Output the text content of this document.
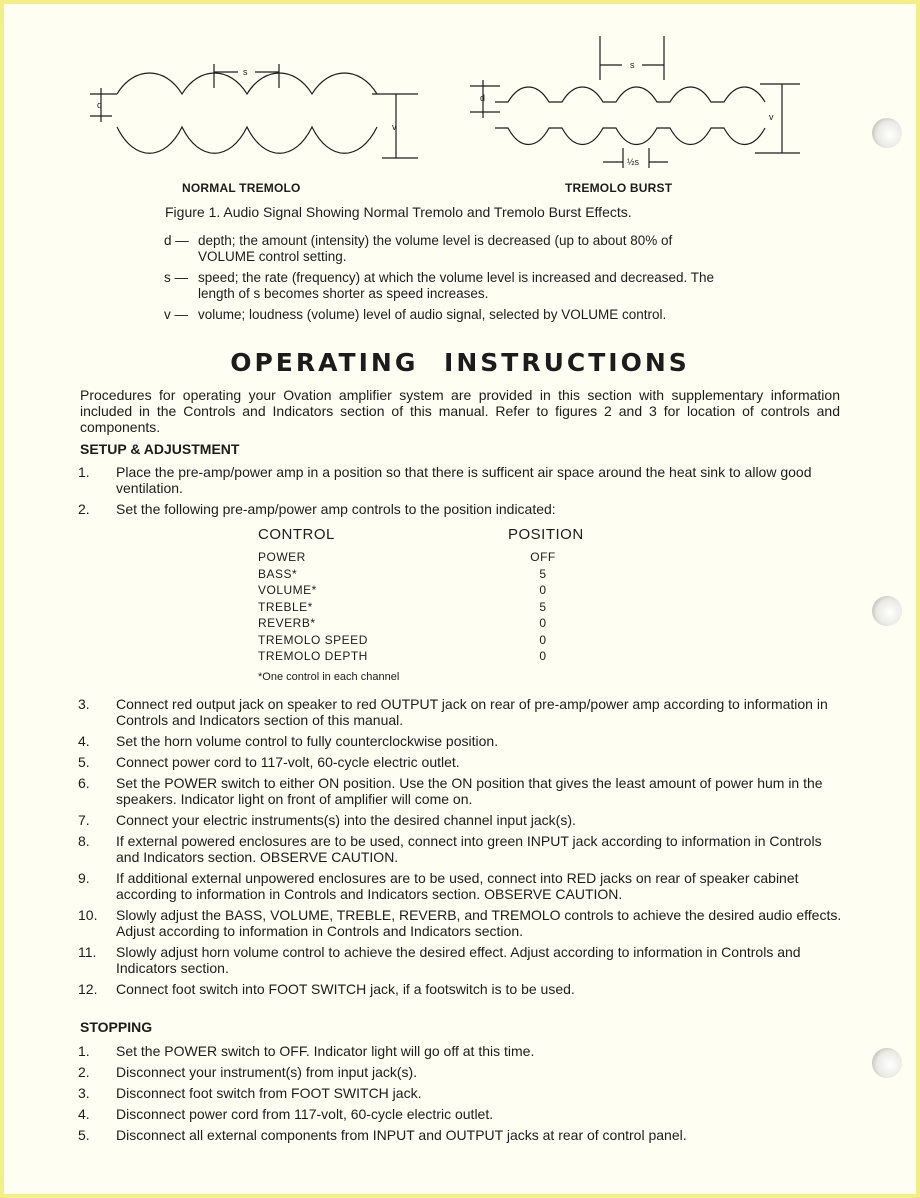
s
d
v
s
d
v
½s
NORMAL TREMOLO	TREMOLO BURST
Figure 1. Audio Signal Showing Normal Tremolo and Tremolo Burst Effects.
d — depth; the amount (intensity) the volume level is decreased (up to about 80% of VOLUME control setting.
s — speed; the rate (frequency) at which the volume level is increased and decreased. The length of s becomes shorter as speed increases.
v — volume; loudness (volume) level of audio signal, selected by VOLUME control.
OPERATING INSTRUCTIONS
Procedures for operating your Ovation amplifier system are provided in this section with supplementary information included in the Controls and Indicators section of this manual. Refer to figures 2 and 3 for location of controls and components.
SETUP & ADJUSTMENT
1.	Place the pre-amp/power amp in a position so that there is sufficent air space around the heat sink to allow good ventilation.
2.	Set the following pre-amp/power amp controls to the position indicated:
CONTROL	POSITION
POWER	OFF
BASS*	5
VOLUME*	0
TREBLE*	5
REVERB*	0
TREMOLO SPEED	0
TREMOLO DEPTH	0
*One control in each channel
3.	Connect red output jack on speaker to red OUTPUT jack on rear of pre-amp/power amp according to information in Controls and Indicators section of this manual.
4.	Set the horn volume control to fully counterclockwise position.
5.	Connect power cord to 117-volt, 60-cycle electric outlet.
6.	Set the POWER switch to either ON position. Use the ON position that gives the least amount of power hum in the speakers. Indicator light on front of amplifier will come on.
7.	Connect your electric instruments(s) into the desired channel input jack(s).
8.	If external powered enclosures are to be used, connect into green INPUT jack according to information in Controls and Indicators section. OBSERVE CAUTION.
9.	If additional external unpowered enclosures are to be used, connect into RED jacks on rear of speaker cabinet according to information in Controls and Indicators section. OBSERVE CAUTION.
10.	Slowly adjust the BASS, VOLUME, TREBLE, REVERB, and TREMOLO controls to achieve the desired audio effects. Adjust according to information in Controls and Indicators section.
11.	Slowly adjust horn volume control to achieve the desired effect. Adjust according to information in Controls and Indicators section.
12.	Connect foot switch into FOOT SWITCH jack, if a footswitch is to be used.
STOPPING
1.	Set the POWER switch to OFF. Indicator light will go off at this time.
2.	Disconnect your instrument(s) from input jack(s).
3.	Disconnect foot switch from FOOT SWITCH jack.
4.	Disconnect power cord from 117-volt, 60-cycle electric outlet.
5.	Disconnect all external components from INPUT and OUTPUT jacks at rear of control panel.
